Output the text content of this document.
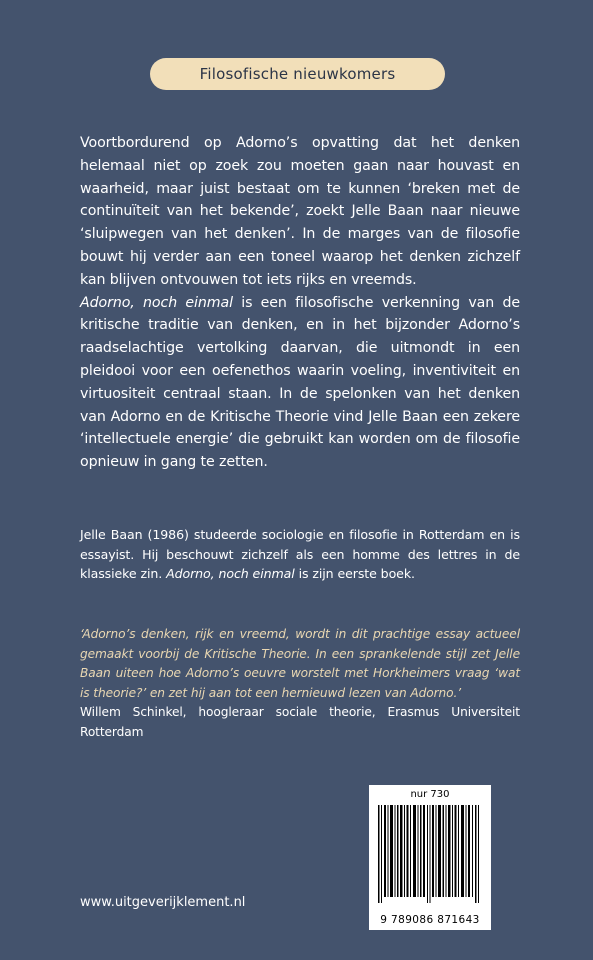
Filosofische nieuwkomers

Voortbordurend op Adorno’s opvatting dat het denken helemaal niet op zoek zou moeten gaan naar houvast en waarheid, maar juist bestaat om te kunnen ‘breken met de continuïteit van het bekende’, zoekt Jelle Baan naar nieuwe ‘sluipwegen van het denken’. In de marges van de filosofie bouwt hij verder aan een toneel waarop het denken zichzelf kan blijven ontvouwen tot iets rijks en vreemds.

Adorno, noch einmal is een filosofische verkenning van de kritische traditie van denken, en in het bijzonder Adorno’s raadselachtige vertolking daarvan, die uitmondt in een pleidooi voor een oefenethos waarin voeling, inventiviteit en virtuositeit centraal staan. In de spelonken van het denken van Adorno en de Kritische Theorie vind Jelle Baan een zekere ‘intellectuele energie’ die gebruikt kan worden om de filosofie opnieuw in gang te zetten.

Jelle Baan (1986) studeerde sociologie en filosofie in Rotterdam en is essayist. Hij beschouwt zichzelf als een homme des lettres in de klassieke zin. Adorno, noch einmal is zijn eerste boek.

‘Adorno’s denken, rijk en vreemd, wordt in dit prachtige essay actueel gemaakt voorbij de Kritische Theorie. In een sprankelende stijl zet Jelle Baan uiteen hoe Adorno’s oeuvre worstelt met Horkheimers vraag ‘wat is theorie?’ en zet hij aan tot een hernieuwd lezen van Adorno.’

Willem Schinkel, hoogleraar sociale theorie, Erasmus Universiteit Rotterdam

nur 730
9 789086 871643
www.uitgeverijklement.nl
